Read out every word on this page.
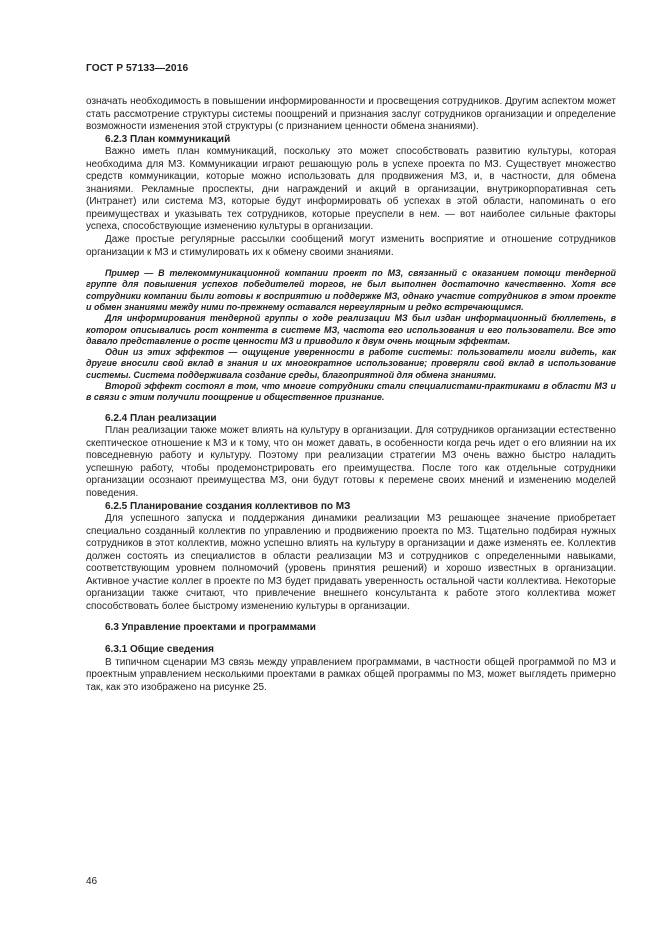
ГОСТ Р 57133—2016

означать необходимость в повышении информированности и просвещения сотрудников. Другим аспектом может стать рассмотрение структуры системы поощрений и признания заслуг сотрудников организации и определение возможности изменения этой структуры (с признанием ценности обмена знаниями).

6.2.3 План коммуникаций

Важно иметь план коммуникаций, поскольку это может способствовать развитию культуры, которая необходима для МЗ. Коммуникации играют решающую роль в успехе проекта по МЗ. Существует множество средств коммуникации, которые можно использовать для продвижения МЗ, и, в частности, для обмена знаниями. Рекламные проспекты, дни награждений и акций в организации, внутрикорпоративная сеть (Интранет) или система МЗ, которые будут информировать об успехах в этой области, напоминать о его преимуществах и указывать тех сотрудников, которые преуспели в нем. — вот наиболее сильные факторы успеха, способствующие изменению культуры в организации.

Даже простые регулярные рассылки сообщений могут изменить восприятие и отношение сотрудников организации к МЗ и стимулировать их к обмену своими знаниями.

Пример — В телекоммуникационной компании проект по МЗ, связанный с оказанием помощи тендерной группе для повышения успехов победителей торгов, не был выполнен достаточно качественно. Хотя все сотрудники компании были готовы к восприятию и поддержке МЗ, однако участие сотрудников в этом проекте и обмен знаниями между ними по-прежнему оставался нерегулярным и редко встречающимся.

Для информирования тендерной группы о ходе реализации МЗ был издан информационный бюллетень, в котором описывались рост контента в системе МЗ, частота его использования и его пользователи. Все это давало представление о росте ценности МЗ и приводило к двум очень мощным эффектам.

Один из этих эффектов — ощущение уверенности в работе системы: пользователи могли видеть, как другие вносили свой вклад в знания и их многократное использование; проверяли свой вклад в использование системы. Система поддерживала создание среды, благоприятной для обмена знаниями.

Второй эффект состоял в том, что многие сотрудники стали специалистами-практиками в области МЗ и в связи с этим получили поощрение и общественное признание.

6.2.4 План реализации

План реализации также может влиять на культуру в организации. Для сотрудников организации естественно скептическое отношение к МЗ и к тому, что он может давать, в особенности когда речь идет о его влиянии на их повседневную работу и культуру. Поэтому при реализации стратегии МЗ очень важно быстро наладить успешную работу, чтобы продемонстрировать его преимущества. После того как отдельные сотрудники организации осознают преимущества МЗ, они будут готовы к перемене своих мнений и изменению моделей поведения.

6.2.5 Планирование создания коллективов по МЗ

Для успешного запуска и поддержания динамики реализации МЗ решающее значение приобретает специально созданный коллектив по управлению и продвижению проекта по МЗ. Тщательно подбирая нужных сотрудников в этот коллектив, можно успешно влиять на культуру в организации и даже изменять ее. Коллектив должен состоять из специалистов в области реализации МЗ и сотрудников с определенными навыками, соответствующим уровнем полномочий (уровень принятия решений) и хорошо известных в организации. Активное участие коллег в проекте по МЗ будет придавать уверенность остальной части коллектива. Некоторые организации также считают, что привлечение внешнего консультанта к работе этого коллектива может способствовать более быстрому изменению культуры в организации.

6.3 Управление проектами и программами
6.3.1 Общие сведения

В типичном сценарии МЗ связь между управлением программами, в частности общей программой по МЗ и проектным управлением несколькими проектами в рамках общей программы по МЗ, может выглядеть примерно так, как это изображено на рисунке 25.

46
